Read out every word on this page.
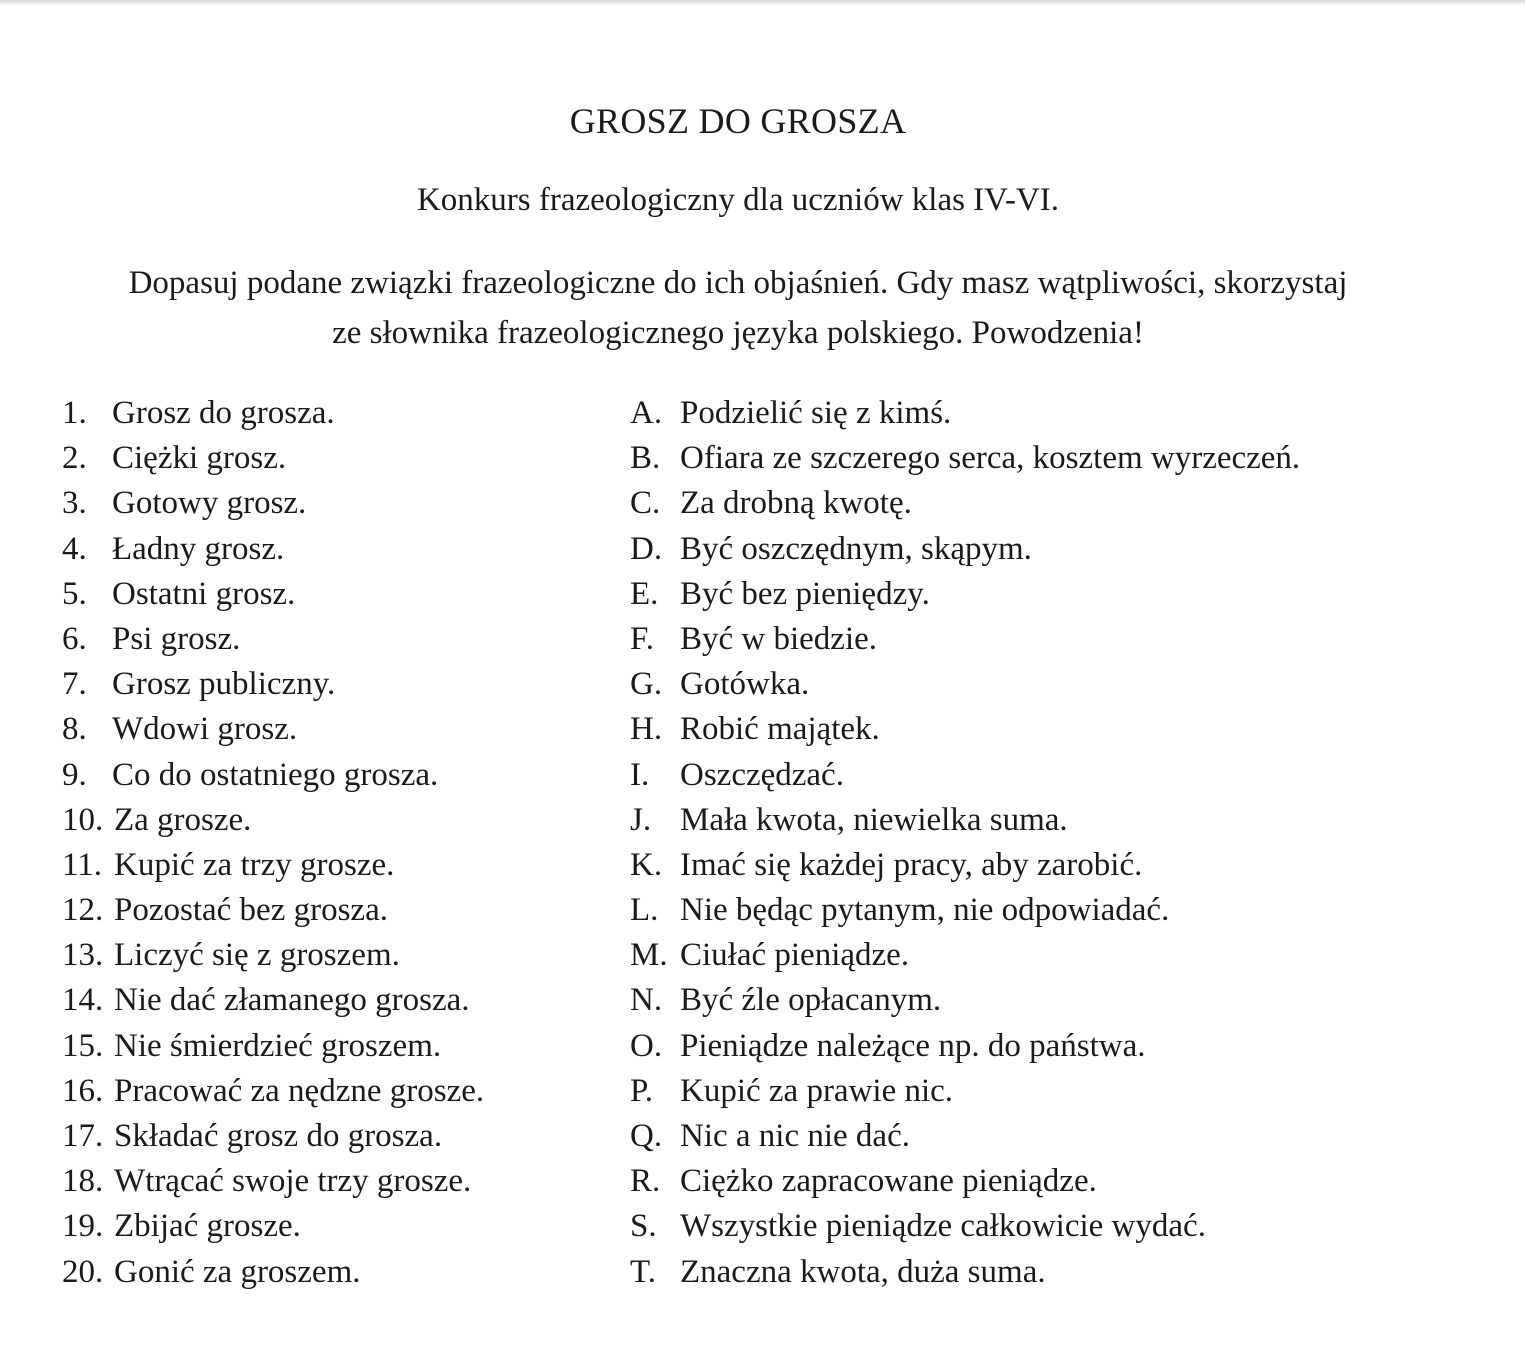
GROSZ DO GROSZA
Konkurs frazeologiczny dla uczniów klas IV-VI.

Dopasuj podane związki frazeologiczne do ich objaśnień. Gdy masz wątpliwości, skorzystaj

ze słownika frazeologicznego języka polskiego. Powodzenia!

1. Grosz do grosza.
2. Ciężki grosz.
3. Gotowy grosz.
4. Ładny grosz.
5. Ostatni grosz.
6. Psi grosz.
7. Grosz publiczny.
8. Wdowi grosz.
9. Co do ostatniego grosza.
10. Za grosze.
11. Kupić za trzy grosze.
12. Pozostać bez grosza.
13. Liczyć się z groszem.
14. Nie dać złamanego grosza.
15. Nie śmierdzieć groszem.
16. Pracować za nędzne grosze.
17. Składać grosz do grosza.
18. Wtrącać swoje trzy grosze.
19. Zbijać grosze.
20. Gonić za groszem.
A. Podzielić się z kimś.
B. Ofiara ze szczerego serca, kosztem wyrzeczeń.
C. Za drobną kwotę.
D. Być oszczędnym, skąpym.
E. Być bez pieniędzy.
F. Być w biedzie.
G. Gotówka.
H. Robić majątek.
I. Oszczędzać.
J. Mała kwota, niewielka suma.
K. Imać się każdej pracy, aby zarobić.
L. Nie będąc pytanym, nie odpowiadać.
M. Ciułać pieniądze.
N. Być źle opłacanym.
O. Pieniądze należące np. do państwa.
P. Kupić za prawie nic.
Q. Nic a nic nie dać.
R. Ciężko zapracowane pieniądze.
S. Wszystkie pieniądze całkowicie wydać.
T. Znaczna kwota, duża suma.
